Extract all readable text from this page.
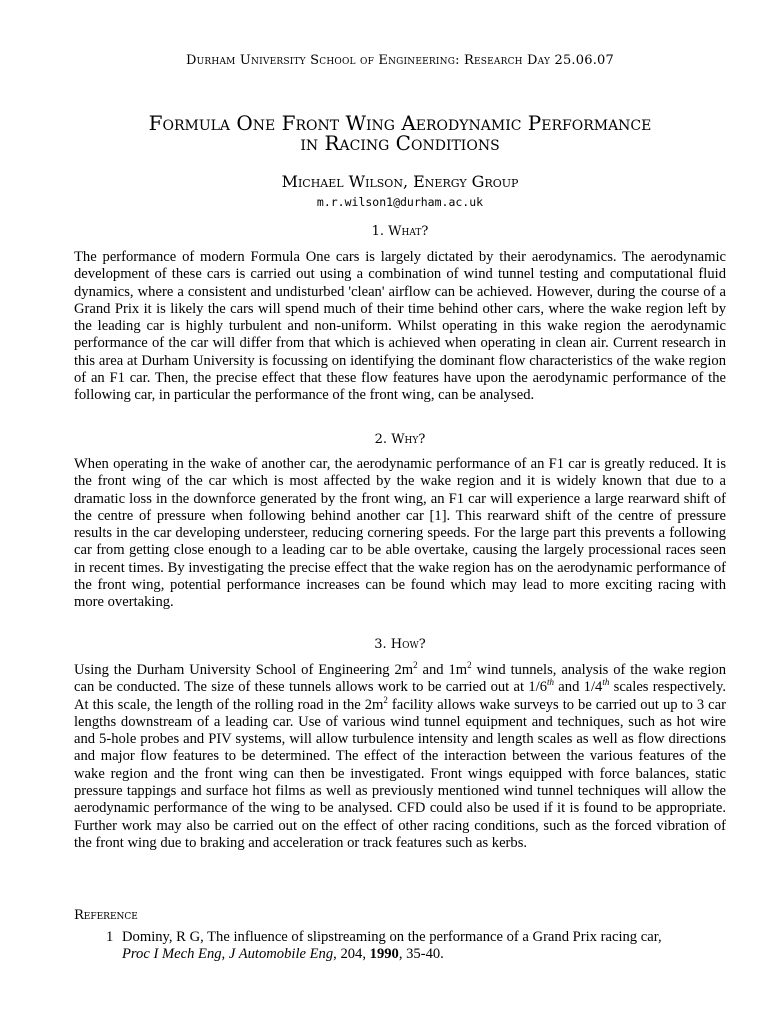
Durham University School of Engineering: Research Day 25.06.07
Formula One Front Wing Aerodynamic Performance
in Racing Conditions
Michael Wilson, Energy Group
m.r.wilson1@durham.ac.uk
1. What?
The performance of modern Formula One cars is largely dictated by their aerodynamics. The aerodynamic development of these cars is carried out using a combination of wind tunnel testing and computational fluid dynamics, where a consistent and undisturbed 'clean' airflow can be achieved. However, during the course of a Grand Prix it is likely the cars will spend much of their time behind other cars, where the wake region left by the leading car is highly turbulent and non-uniform. Whilst operating in this wake region the aerodynamic performance of the car will differ from that which is achieved when operating in clean air. Current research in this area at Durham University is focussing on identifying the dominant flow characteristics of the wake region of an F1 car. Then, the precise effect that these flow features have upon the aerodynamic performance of the following car, in particular the performance of the front wing, can be analysed.
2. Why?
When operating in the wake of another car, the aerodynamic performance of an F1 car is greatly reduced. It is the front wing of the car which is most affected by the wake region and it is widely known that due to a dramatic loss in the downforce generated by the front wing, an F1 car will experience a large rearward shift of the centre of pressure when following behind another car [1]. This rearward shift of the centre of pressure results in the car developing understeer, reducing cornering speeds. For the large part this prevents a following car from getting close enough to a leading car to be able overtake, causing the largely processional races seen in recent times. By investigating the precise effect that the wake region has on the aerodynamic performance of the front wing, potential performance increases can be found which may lead to more exciting racing with more overtaking.
3. How?
Using the Durham University School of Engineering $2m^2$ and $1m^2$ wind tunnels, analysis of the wake region can be conducted. The size of these tunnels allows work to be carried out at 1/6th and 1/4th scales respectively. At this scale, the length of the rolling road in the $2m^2$ facility allows wake surveys to be carried out up to 3 car lengths downstream of a leading car. Use of various wind tunnel equipment and techniques, such as hot wire and 5-hole probes and PIV systems, will allow turbulence intensity and length scales as well as flow directions and major flow features to be determined. The effect of the interaction between the various features of the wake region and the front wing can then be investigated. Front wings equipped with force balances, static pressure tappings and surface hot films as well as previously mentioned wind tunnel techniques will allow the aerodynamic performance of the wing to be analysed. CFD could also be used if it is found to be appropriate. Further work may also be carried out on the effect of other racing conditions, such as the forced vibration of the front wing due to braking and acceleration or track features such as kerbs.
Reference
1 Dominy, R G, The influence of slipstreaming on the performance of a Grand Prix racing car,
Proc I Mech Eng, J Automobile Eng, 204, 1990, 35-40.
